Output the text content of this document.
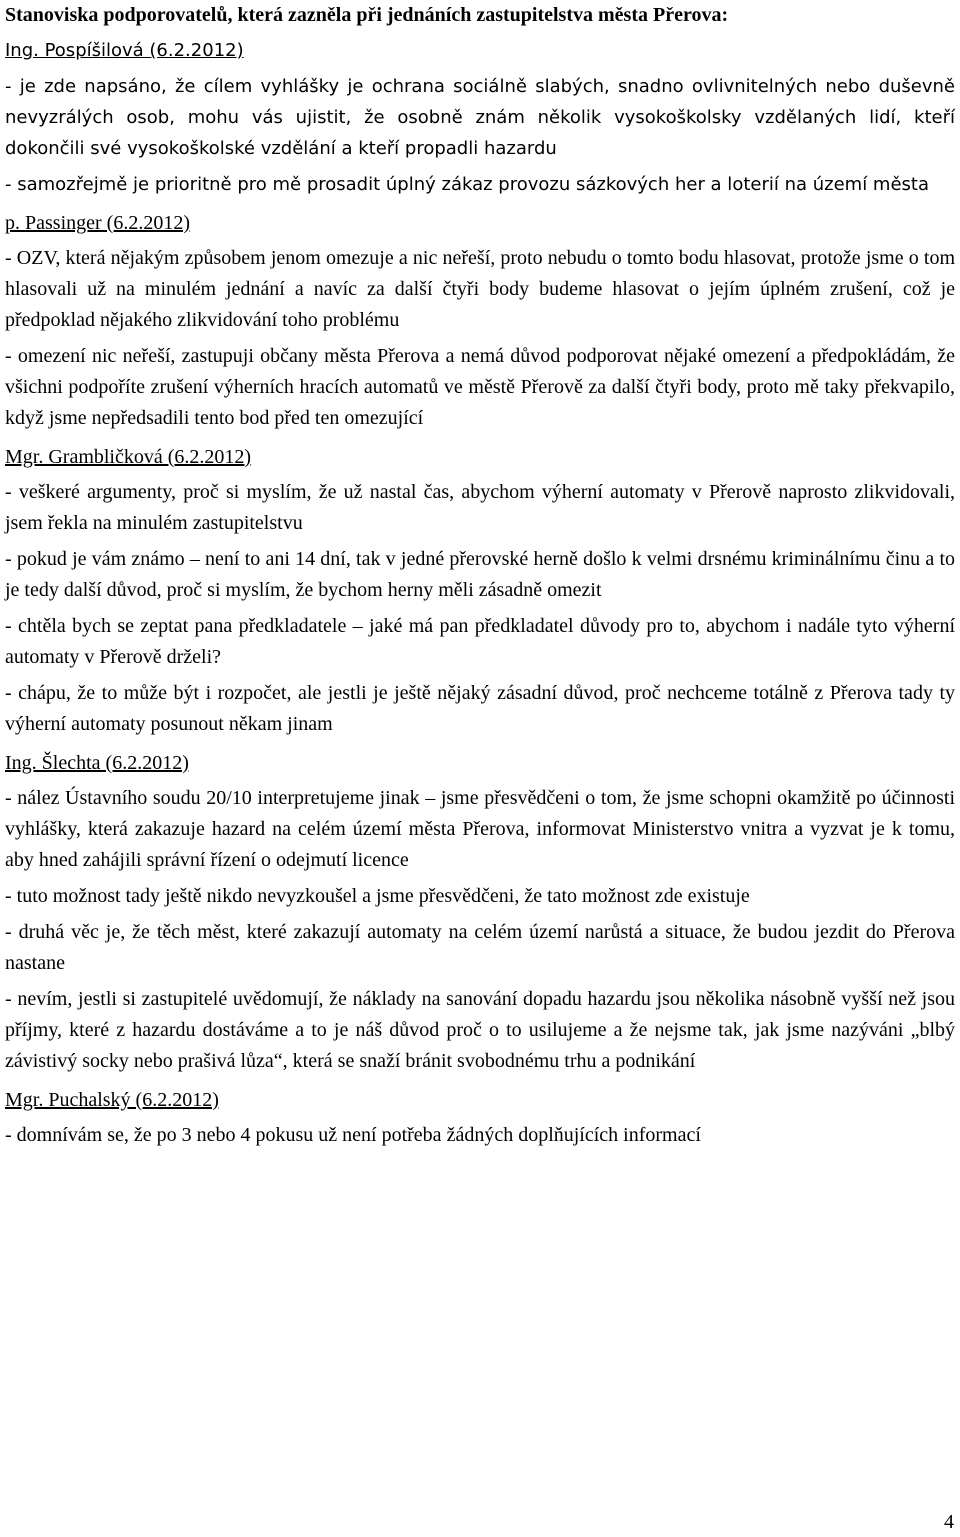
Stanoviska podporovatelů, která zazněla při jednáních zastupitelstva města Přerova:
Ing. Pospíšilová (6.2.2012)

- je zde napsáno, že cílem vyhlášky je ochrana sociálně slabých, snadno ovlivnitelných nebo duševně nevyzrálých osob, mohu vás ujistit, že osobně znám několik vysokoškolsky vzdělaných lidí, kteří dokončili své vysokoškolské vzdělání a kteří propadli hazardu

- samozřejmě je prioritně pro mě prosadit úplný zákaz provozu sázkových her a loterií na území města

p. Passinger (6.2.2012)

- OZV, která nějakým způsobem jenom omezuje a nic neřeší, proto nebudu o tomto bodu hlasovat, protože jsme o tom hlasovali už na minulém jednání a navíc za další čtyři body budeme hlasovat o jejím úplném zrušení, což je předpoklad nějakého zlikvidování toho problému

- omezení nic neřeší, zastupuji občany města Přerova a nemá důvod podporovat nějaké omezení a předpokládám, že všichni podpoříte zrušení výherních hracích automatů ve městě Přerově za další čtyři body, proto mě taky překvapilo, když jsme nepředsadili tento bod před ten omezující

Mgr. Grambličková (6.2.2012)

- veškeré argumenty, proč si myslím, že už nastal čas, abychom výherní automaty v Přerově naprosto zlikvidovali, jsem řekla na minulém zastupitelstvu

- pokud je vám známo – není to ani 14 dní, tak v jedné přerovské herně došlo k velmi drsnému kriminálnímu činu a to je tedy další důvod, proč si myslím, že bychom herny měli zásadně omezit

- chtěla bych se zeptat pana předkladatele – jaké má pan předkladatel důvody pro to, abychom i nadále tyto výherní automaty v Přerově drželi?

- chápu, že to může být i rozpočet, ale jestli je ještě nějaký zásadní důvod, proč nechceme totálně z Přerova tady ty výherní automaty posunout někam jinam

Ing. Šlechta (6.2.2012)

- nález Ústavního soudu 20/10 interpretujeme jinak – jsme přesvědčeni o tom, že jsme schopni okamžitě po účinnosti vyhlášky, která zakazuje hazard na celém území města Přerova, informovat Ministerstvo vnitra a vyzvat je k tomu, aby hned zahájili správní řízení o odejmutí licence

- tuto možnost tady ještě nikdo nevyzkoušel a jsme přesvědčeni, že tato možnost zde existuje

- druhá věc je, že těch měst, které zakazují automaty na celém území narůstá a situace, že budou jezdit do Přerova nastane

- nevím, jestli si zastupitelé uvědomují, že náklady na sanování dopadu hazardu jsou několika násobně vyšší než jsou příjmy, které z hazardu dostáváme a to je náš důvod proč o to usilujeme a že nejsme tak, jak jsme nazýváni „blbý závistivý socky nebo prašivá lůza“, která se snaží bránit svobodnému trhu a podnikání

Mgr. Puchalský (6.2.2012)

- domnívám se, že po 3 nebo 4 pokusu už není potřeba žádných doplňujících informací

4
